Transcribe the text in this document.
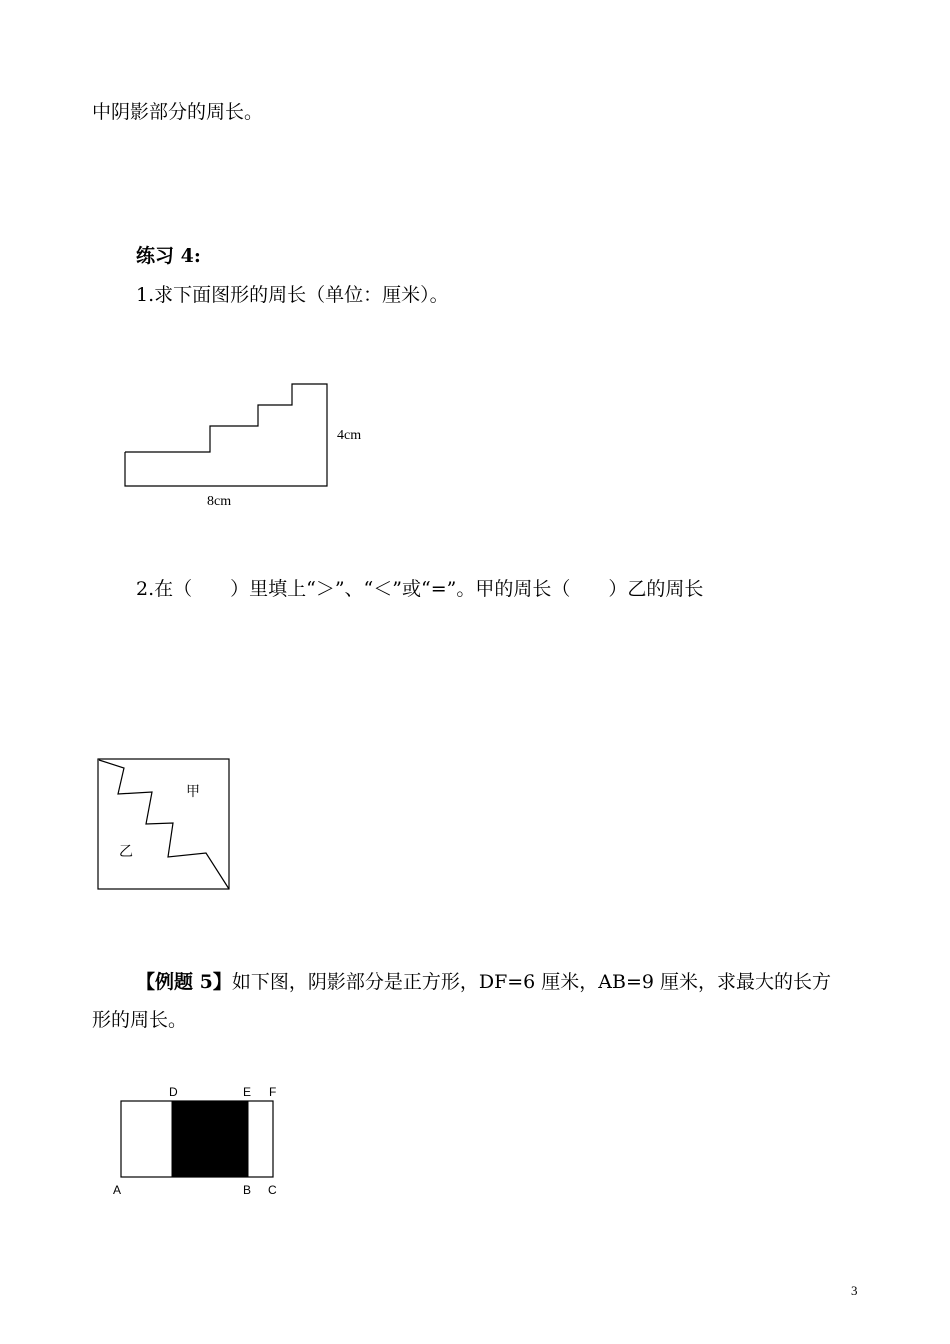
中阴影部分的周长。
练习 4:
1.求下面图形的周长（单位：厘米）。
4cm
8cm
2.在（　　）里填上“＞”、“＜”或“=”。甲的周长（　　）乙的周长
甲
乙
【例题 5】如下图，阴影部分是正方形，DF=6 厘米，AB=9 厘米，求最大的长方
形的周长。
D	E F
A	B C
3
